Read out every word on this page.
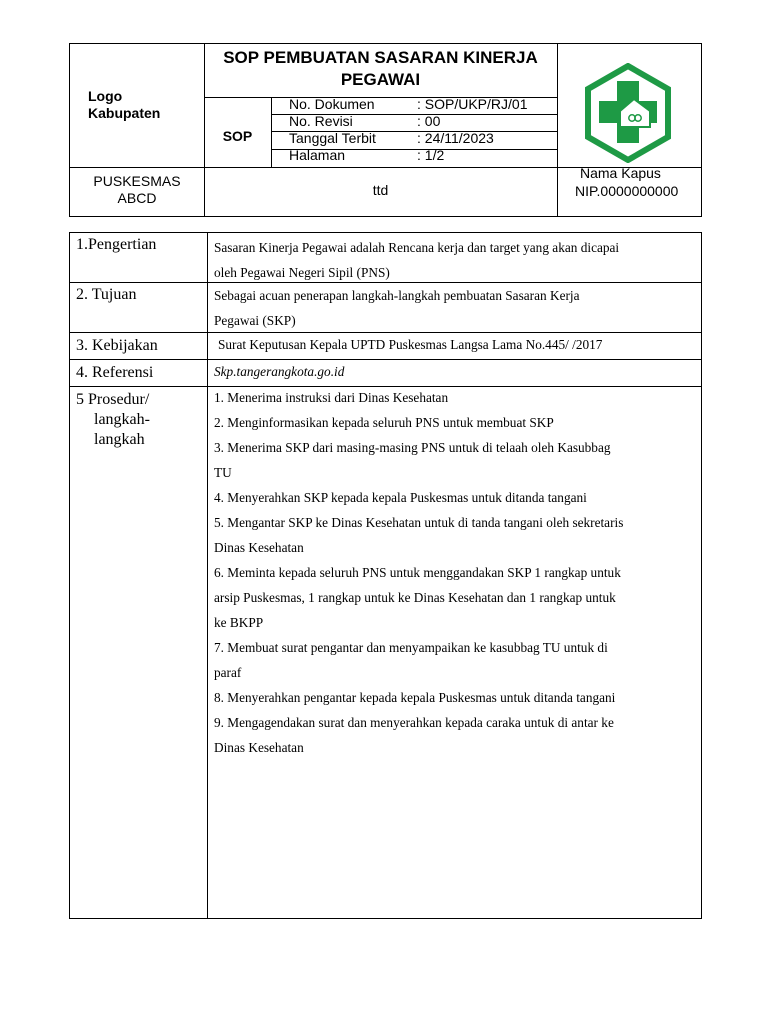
Logo
Kabupaten
SOP PEMBUATAN SASARAN KINERJA
PEGAWAI
SOP
No. Dokumen
No. Revisi
Tanggal Terbit
Halaman
: SOP/UKP/RJ/01
: 00
: 24/11/2023
: 1/2
PUSKESMAS
ABCD	ttd
Nama Kapus
NIP.0000000000
1.Pengertian
2. Tujuan
3. Kebijakan
4. Referensi
5 Prosedur/
langkah-
langkah
Sasaran Kinerja Pegawai adalah Rencana kerja dan target yang akan dicapai
oleh Pegawai Negeri Sipil (PNS)
Sebagai acuan penerapan langkah-langkah pembuatan Sasaran Kerja
Pegawai (SKP)
Surat Keputusan Kepala UPTD Puskesmas Langsa Lama No.445/ /2017
Skp.tangerangkota.go.id
1. Menerima instruksi dari Dinas Kesehatan
2. Menginformasikan kepada seluruh PNS untuk membuat SKP
3. Menerima SKP dari masing-masing PNS untuk di telaah oleh Kasubbag
TU
4. Menyerahkan SKP kepada kepala Puskesmas untuk ditanda tangani
5. Mengantar SKP ke Dinas Kesehatan untuk di tanda tangani oleh sekretaris
Dinas Kesehatan
6. Meminta kepada seluruh PNS untuk menggandakan SKP 1 rangkap untuk
arsip Puskesmas, 1 rangkap untuk ke Dinas Kesehatan dan 1 rangkap untuk
ke BKPP
7. Membuat surat pengantar dan menyampaikan ke kasubbag TU untuk di
paraf
8. Menyerahkan pengantar kepada kepala Puskesmas untuk ditanda tangani
9. Mengagendakan surat dan menyerahkan kepada caraka untuk di antar ke
Dinas Kesehatan
